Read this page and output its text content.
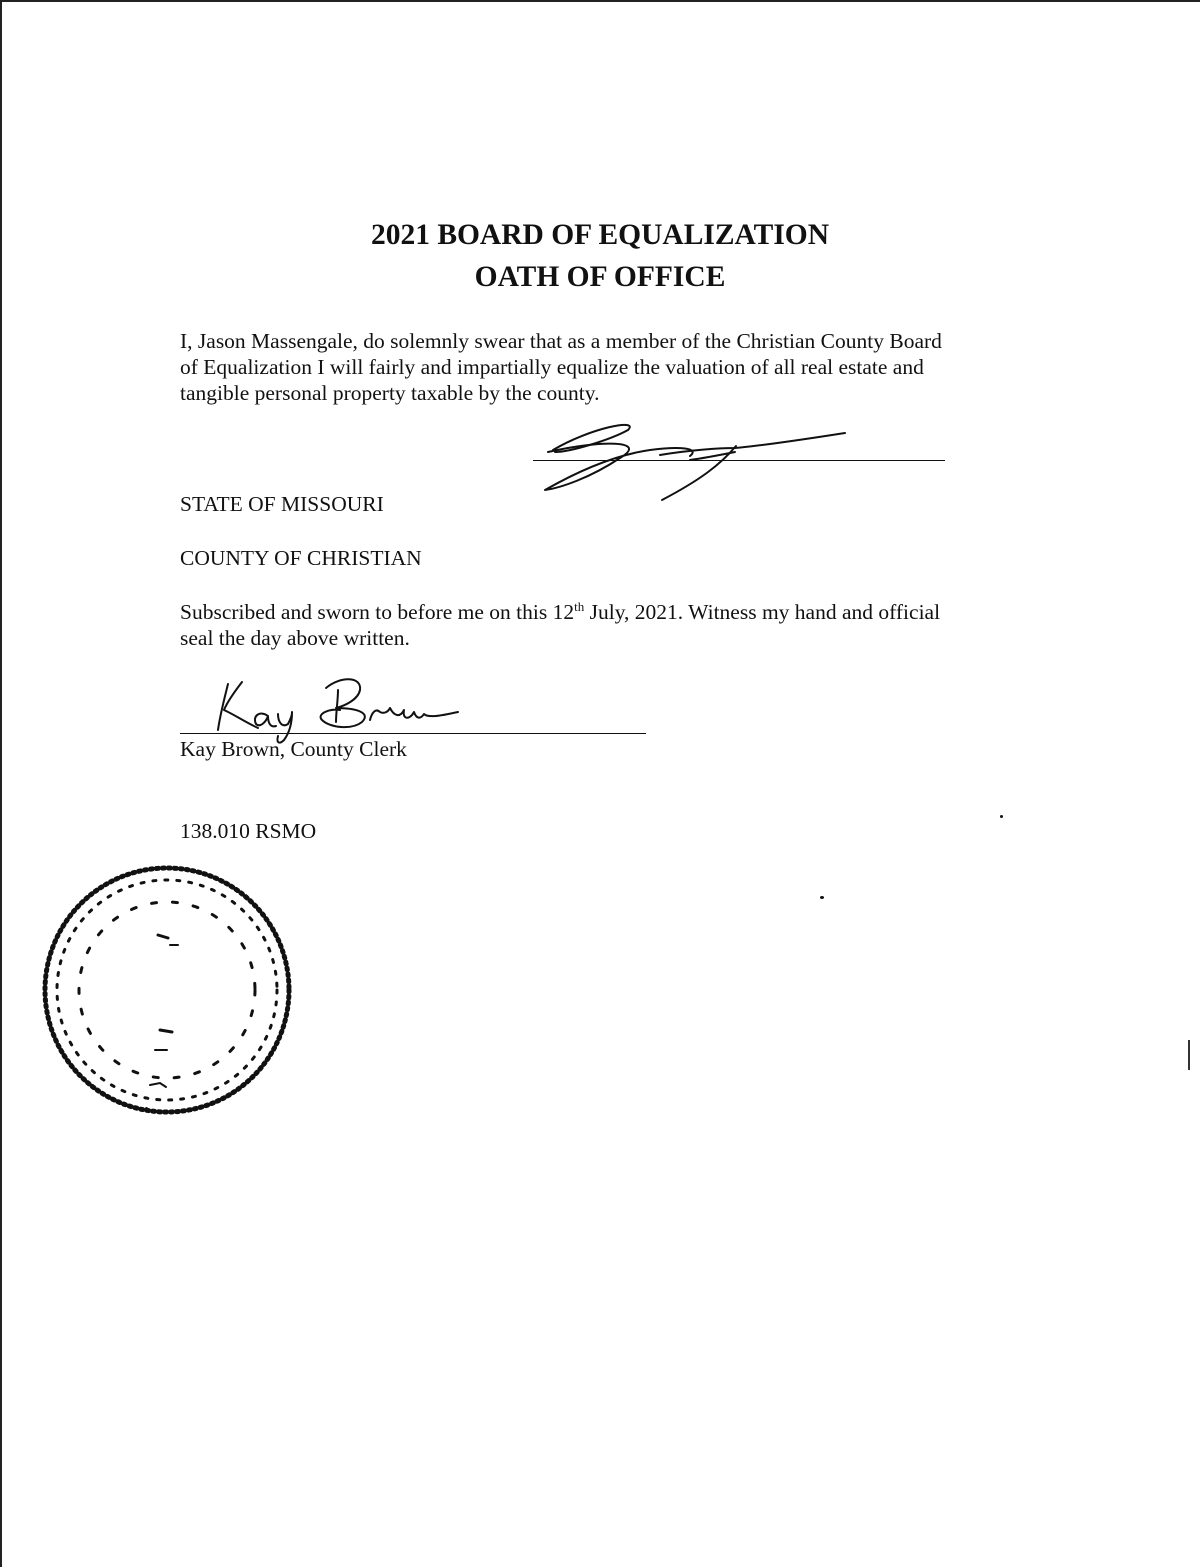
2021 BOARD OF EQUALIZATION
OATH OF OFFICE
I, Jason Massengale, do solemnly swear that as a member of the Christian County Board
of Equalization I will fairly and impartially equalize the valuation of all real estate and
tangible personal property taxable by the county.
STATE OF MISSOURI
COUNTY OF CHRISTIAN
Subscribed and sworn to before me on this 12th July, 2021. Witness my hand and official
seal the day above written.
Kay Brown, County Clerk
138.010 RSMO
